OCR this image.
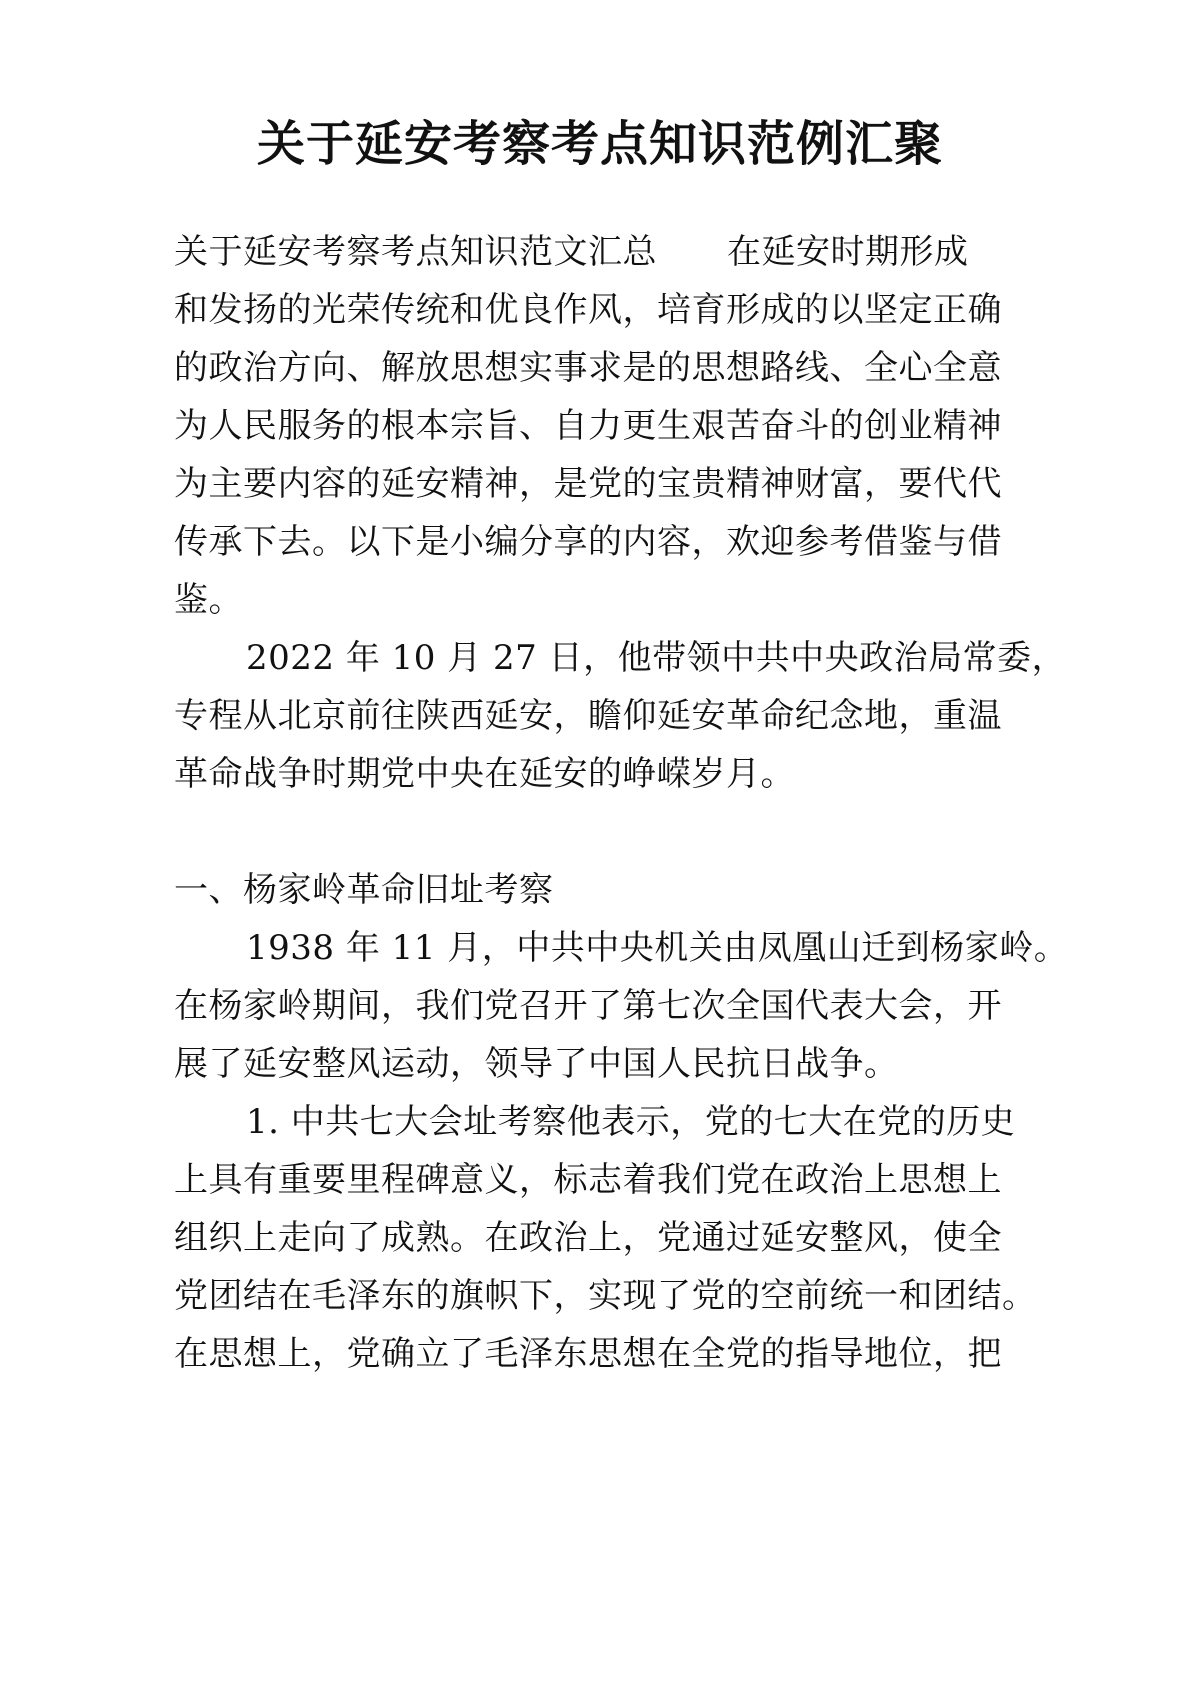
关于延安考察考点知识范例汇聚
关于延安考察考点知识范文汇总 在延安时期形成
和发扬的光荣传统和优良作风，培育形成的以坚定正确
的政治方向、解放思想实事求是的思想路线、全心全意
为人民服务的根本宗旨、自力更生艰苦奋斗的创业精神
为主要内容的延安精神，是党的宝贵精神财富，要代代
传承下去。以下是小编分享的内容，欢迎参考借鉴与借
鉴。
2022 年 10 月 27 日，他带领中共中央政治局常委，
专程从北京前往陕西延安，瞻仰延安革命纪念地，重温
革命战争时期党中央在延安的峥嵘岁月。
一、杨家岭革命旧址考察
1938 年 11 月，中共中央机关由凤凰山迁到杨家岭。
在杨家岭期间，我们党召开了第七次全国代表大会，开
展了延安整风运动，领导了中国人民抗日战争。
1. 中共七大会址考察他表示，党的七大在党的历史
上具有重要里程碑意义，标志着我们党在政治上思想上
组织上走向了成熟。在政治上，党通过延安整风，使全
党团结在毛泽东的旗帜下，实现了党的空前统一和团结。
在思想上，党确立了毛泽东思想在全党的指导地位，把
